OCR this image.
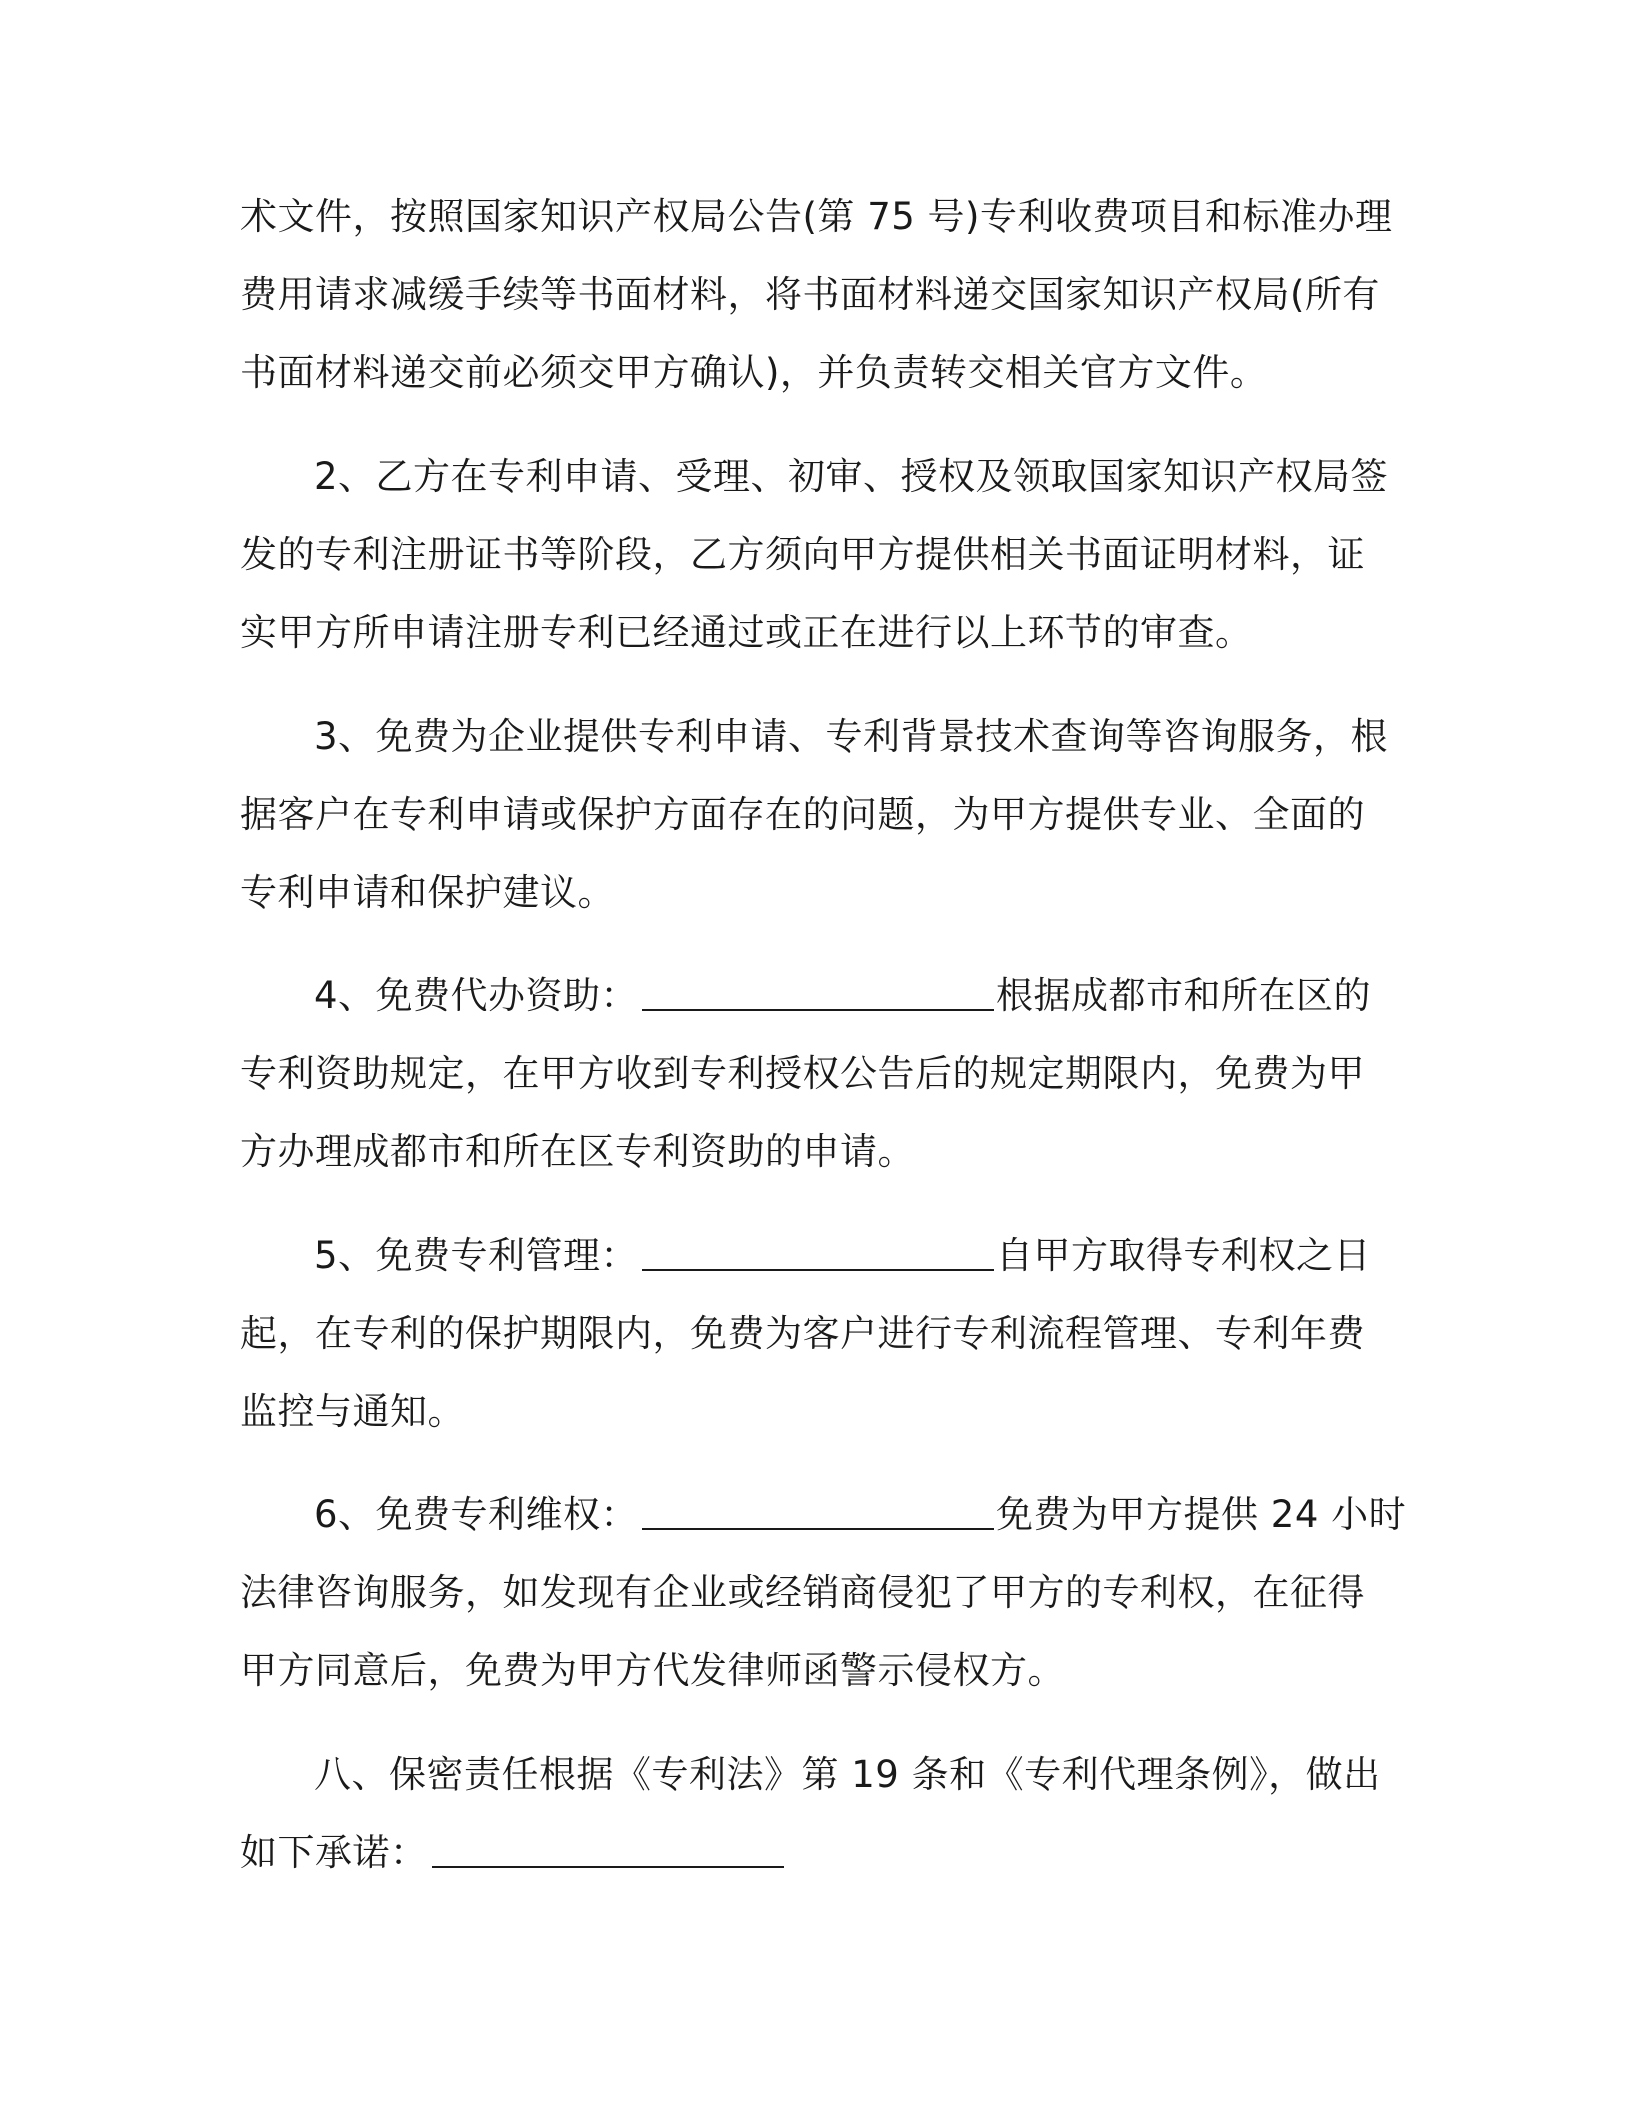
术文件，按照国家知识产权局公告(第 75 号)专利收费项目和标准办理
费用请求减缓手续等书面材料，将书面材料递交国家知识产权局(所有
书面材料递交前必须交甲方确认)，并负责转交相关官方文件。
2、乙方在专利申请、受理、初审、授权及领取国家知识产权局签
发的专利注册证书等阶段，乙方须向甲方提供相关书面证明材料，证
实甲方所申请注册专利已经通过或正在进行以上环节的审查。
3、免费为企业提供专利申请、专利背景技术查询等咨询服务，根
据客户在专利申请或保护方面存在的问题，为甲方提供专业、全面的
专利申请和保护建议。
4、免费代办资助：	根据成都市和所在区的
专利资助规定，在甲方收到专利授权公告后的规定期限内，免费为甲
方办理成都市和所在区专利资助的申请。
5、免费专利管理：	自甲方取得专利权之日
起，在专利的保护期限内，免费为客户进行专利流程管理、专利年费
监控与通知。
6、免费专利维权：	免费为甲方提供 24 小时
法律咨询服务，如发现有企业或经销商侵犯了甲方的专利权，在征得
甲方同意后，免费为甲方代发律师函警示侵权方。
八、保密责任根据《专利法》第 19 条和《专利代理条例》，做出
如下承诺：
